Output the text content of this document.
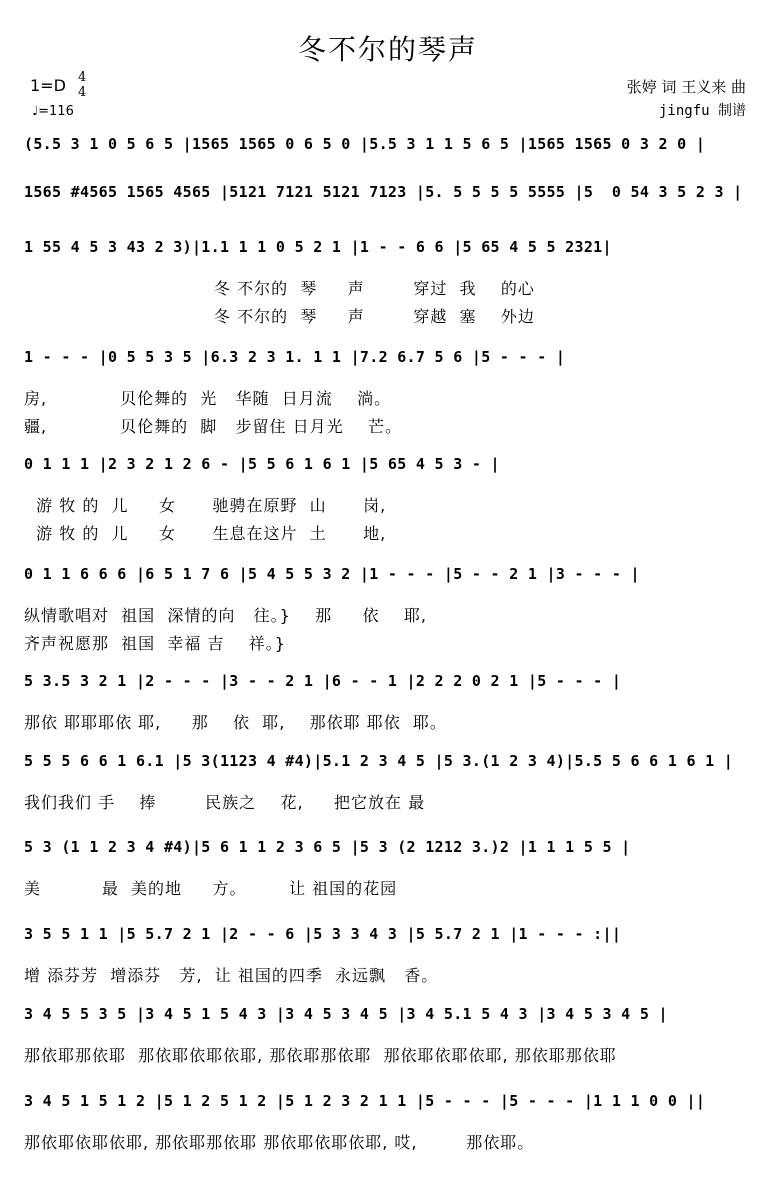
冬不尔的琴声
1=D 4
4
♩=116
张婷 词 王义来 曲
jingfu 制谱
(5.5 3 1 0 5 6 5 |1565 1565 0 6 5 0 |5.5 3 1 1 5 6 5 |1565 1565 0 3 2 0 |
1565 #4565 1565 4565 |5121 7121 5121 7123 |5. 5 5 5 5 5555 |5  0 54 3 5 2 3 |
1 55 4 5 3 43 2 3)|1.1 1 1 0 5 2 1 |1 - - 6 6 |5 65 4 5 5 2321|
冬 不尔的  琴     声        穿过  我    的心
冬 不尔的  琴     声        穿越  塞    外边
1 - - - |0 5 5 3 5 |6.3 2 3 1. 1 1 |7.2 6.7 5 6 |5 - - - |
房,            贝伦舞的  光   华随  日月流    淌。
疆,            贝伦舞的  脚   步留住 日月光    芒。
0 1 1 1 |2 3 2 1 2 6 - |5 5 6 1 6 1 |5 65 4 5 3 - |
游 牧 的  儿     女      驰骋在原野  山      岗,
游 牧 的  儿     女      生息在这片  土      地,
0 1 1 6 6 6 |6 5 1 7 6 |5 4 5 5 3 2 |1 - - - |5 - - 2 1 |3 - - - |
纵情歌唱对  祖国  深情的向   往。}    那     依    耶,
齐声祝愿那  祖国  幸福 吉    祥。}
5 3.5 3 2 1 |2 - - - |3 - - 2 1 |6 - - 1 |2 2 2 0 2 1 |5 - - - |
那依 耶耶耶依 耶,     那    依  耶,    那依耶 耶依  耶。
5 5 5 6 6 1 6.1 |5 3(1123 4 #4)|5.1 2 3 4 5 |5 3.(1 2 3 4)|5.5 5 6 6 1 6 1 |
我们我们 手    捧        民族之    花,     把它放在 最
5 3 (1 1 2 3 4 #4)|5 6 1 1 2 3 6 5 |5 3 (2 1212 3.)2 |1 1 1 5 5 |
美          最  美的地     方。       让 祖国的花园
3 5 5 1 1 |5 5.7 2 1 |2 - - 6 |5 3 3 4 3 |5 5.7 2 1 |1 - - - :||
增 添芬芳  增添芬   芳,  让 祖国的四季  永远飘   香。
3 4 5 5 3 5 |3 4 5 1 5 4 3 |3 4 5 3 4 5 |3 4 5.1 5 4 3 |3 4 5 3 4 5 |
那依耶那依耶  那依耶依耶依耶, 那依耶那依耶  那依耶依耶依耶, 那依耶那依耶
3 4 5 1 5 1 2 |5 1 2 5 1 2 |5 1 2 3 2 1 1 |5 - - - |5 - - - |1 1 1 0 0 ||
那依耶依耶依耶, 那依耶那依耶 那依耶依耶依耶, 哎,        那依耶。
